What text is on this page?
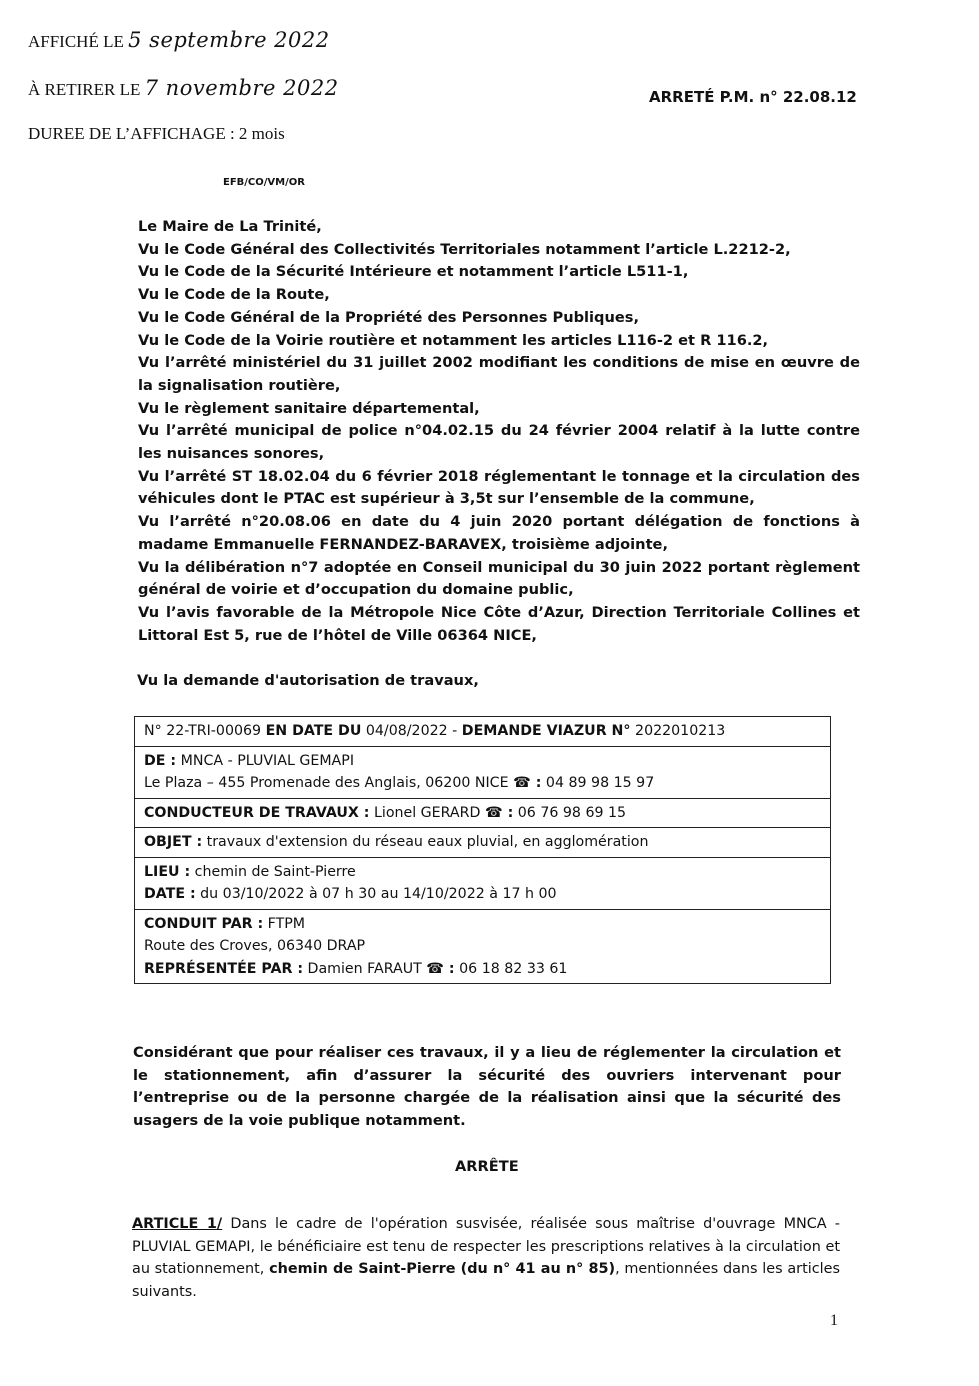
AFFICHÉ LE 5 septembre 2022
À RETIRER LE 7 novembre 2022
DUREE DE L’AFFICHAGE : 2 mois
ARRETÉ P.M. n° 22.08.12
EFB/CO/VM/OR

Le Maire de La Trinité,

Vu le Code Général des Collectivités Territoriales notamment l’article L.2212-2,

Vu le Code de la Sécurité Intérieure et notamment l’article L511-1,

Vu le Code de la Route,

Vu le Code Général de la Propriété des Personnes Publiques,

Vu le Code de la Voirie routière et notamment les articles L116-2 et R 116.2,

Vu l’arrêté ministériel du 31 juillet 2002 modifiant les conditions de mise en œuvre de la signalisation routière,

Vu le règlement sanitaire départemental,

Vu l’arrêté municipal de police n°04.02.15 du 24 février 2004 relatif à la lutte contre les nuisances sonores,

Vu l’arrêté ST 18.02.04 du 6 février 2018 réglementant le tonnage et la circulation des véhicules dont le PTAC est supérieur à 3,5t sur l’ensemble de la commune,

Vu l’arrêté n°20.08.06 en date du 4 juin 2020 portant délégation de fonctions à madame Emmanuelle FERNANDEZ-BARAVEX, troisième adjointe,

Vu la délibération n°7 adoptée en Conseil municipal du 30 juin 2022 portant règlement général de voirie et d’occupation du domaine public,

Vu l’avis favorable de la Métropole Nice Côte d’Azur, Direction Territoriale Collines et Littoral Est 5, rue de l’hôtel de Ville 06364 NICE,

Vu la demande d'autorisation de travaux,
N° 22-TRI-00069 EN DATE DU 04/08/2022 - DEMANDE VIAZUR N° 2022010213
DE : MNCA - PLUVIAL GEMAPI
Le Plaza – 455 Promenade des Anglais, 06200 NICE ☎ : 04 89 98 15 97
CONDUCTEUR DE TRAVAUX : Lionel GERARD ☎ : 06 76 98 69 15
OBJET : travaux d'extension du réseau eaux pluvial, en agglomération
LIEU : chemin de Saint-Pierre
DATE : du 03/10/2022 à 07 h 30 au 14/10/2022 à 17 h 00
CONDUIT PAR : FTPM
Route des Croves, 06340 DRAP
REPRÉSENTÉE PAR : Damien FARAUT ☎ : 06 18 82 33 61
Considérant que pour réaliser ces travaux, il y a lieu de réglementer la circulation et le stationnement, afin d’assurer la sécurité des ouvriers intervenant pour l’entreprise ou de la personne chargée de la réalisation ainsi que la sécurité des usagers de la voie publique notamment.
ARRÊTE
ARTICLE 1/ Dans le cadre de l'opération susvisée, réalisée sous maîtrise d'ouvrage MNCA - PLUVIAL GEMAPI, le bénéficiaire est tenu de respecter les prescriptions relatives à la circulation et au stationnement, chemin de Saint-Pierre (du n° 41 au n° 85), mentionnées dans les articles suivants.
1
